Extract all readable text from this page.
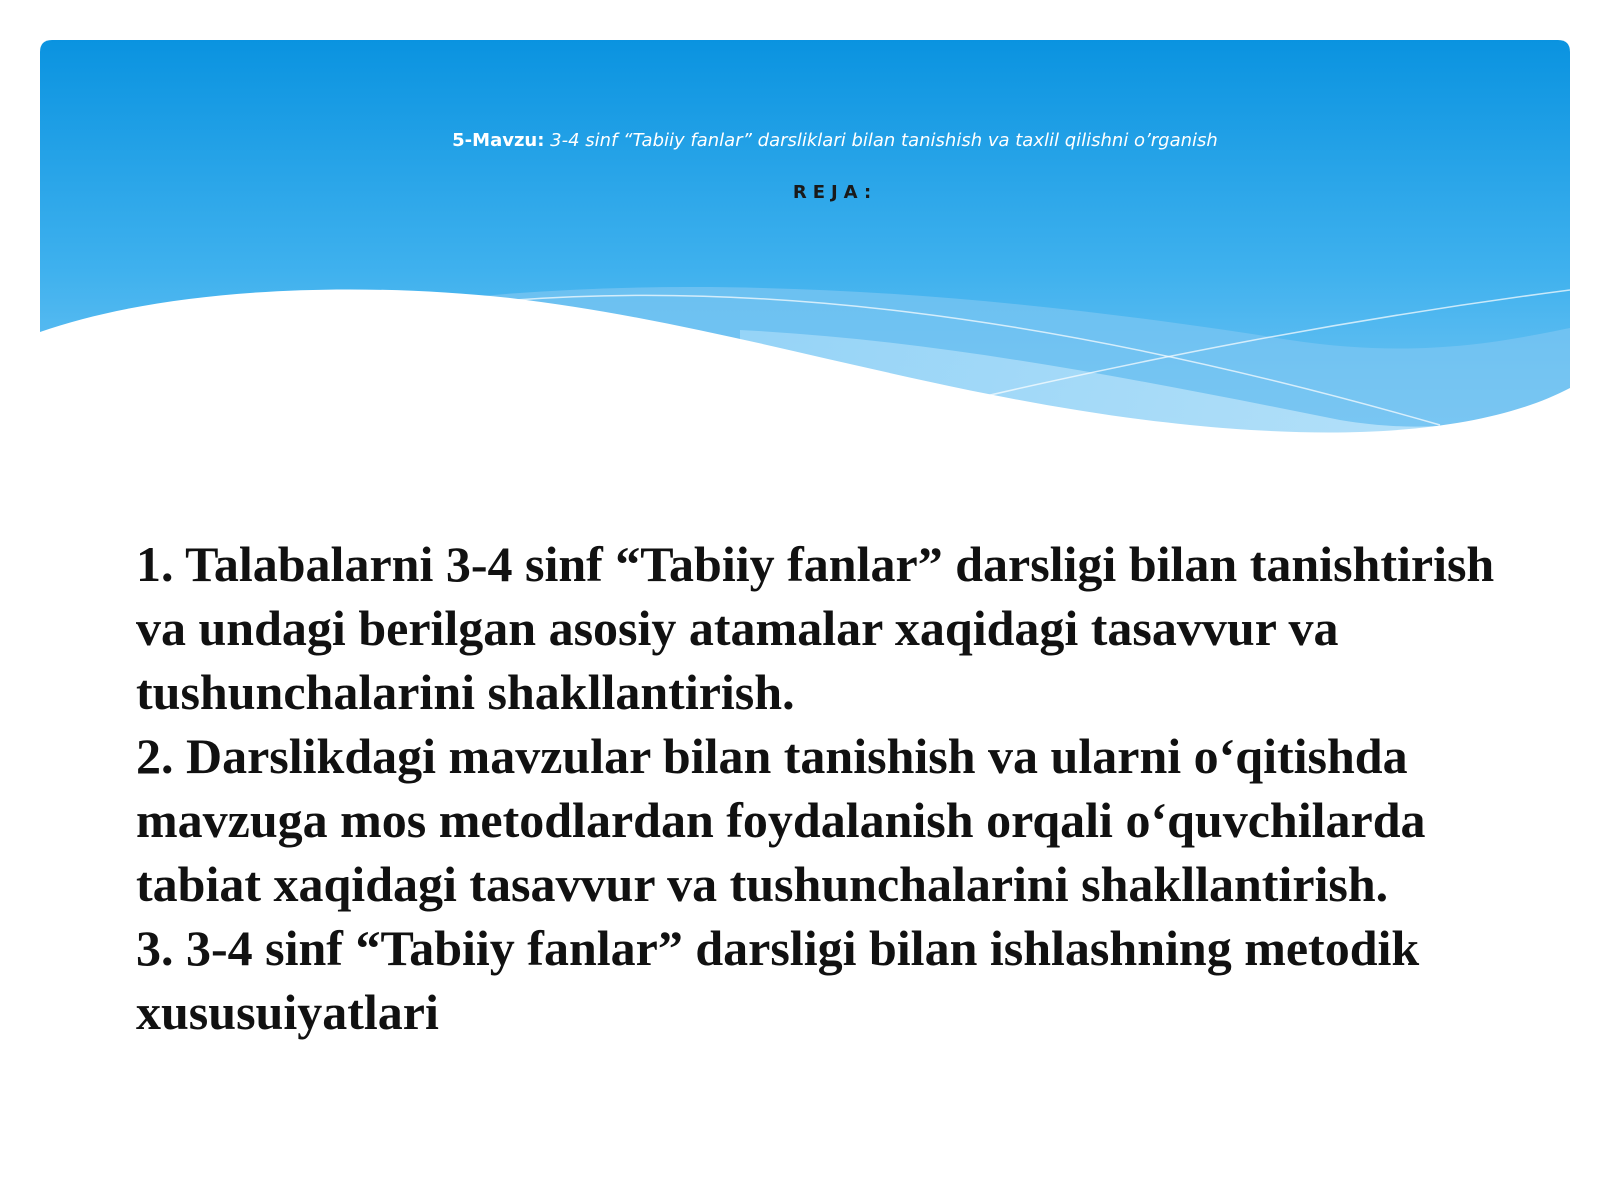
5-Mavzu: 3-4 sinf “Tabiiy fanlar” darsliklari bilan tanishish va taxlil qilishni o’rganish
REJA:
1. Talabalarni 3-4 sinf “Tabiiy fanlar” darsligi bilan tanishtirish va undagi berilgan asosiy atamalar xaqidagi tasavvur va tushunchalarini shakllantirish.
2. Darslikdagi mavzular bilan tanishish va ularni o‘qitishda mavzuga mos metodlardan foydalanish orqali o‘quvchilarda tabiat xaqidagi tasavvur va tushunchalarini shakllantirish.
3. 3-4 sinf “Tabiiy fanlar” darsligi bilan ishlashning metodik xususuiyatlari
